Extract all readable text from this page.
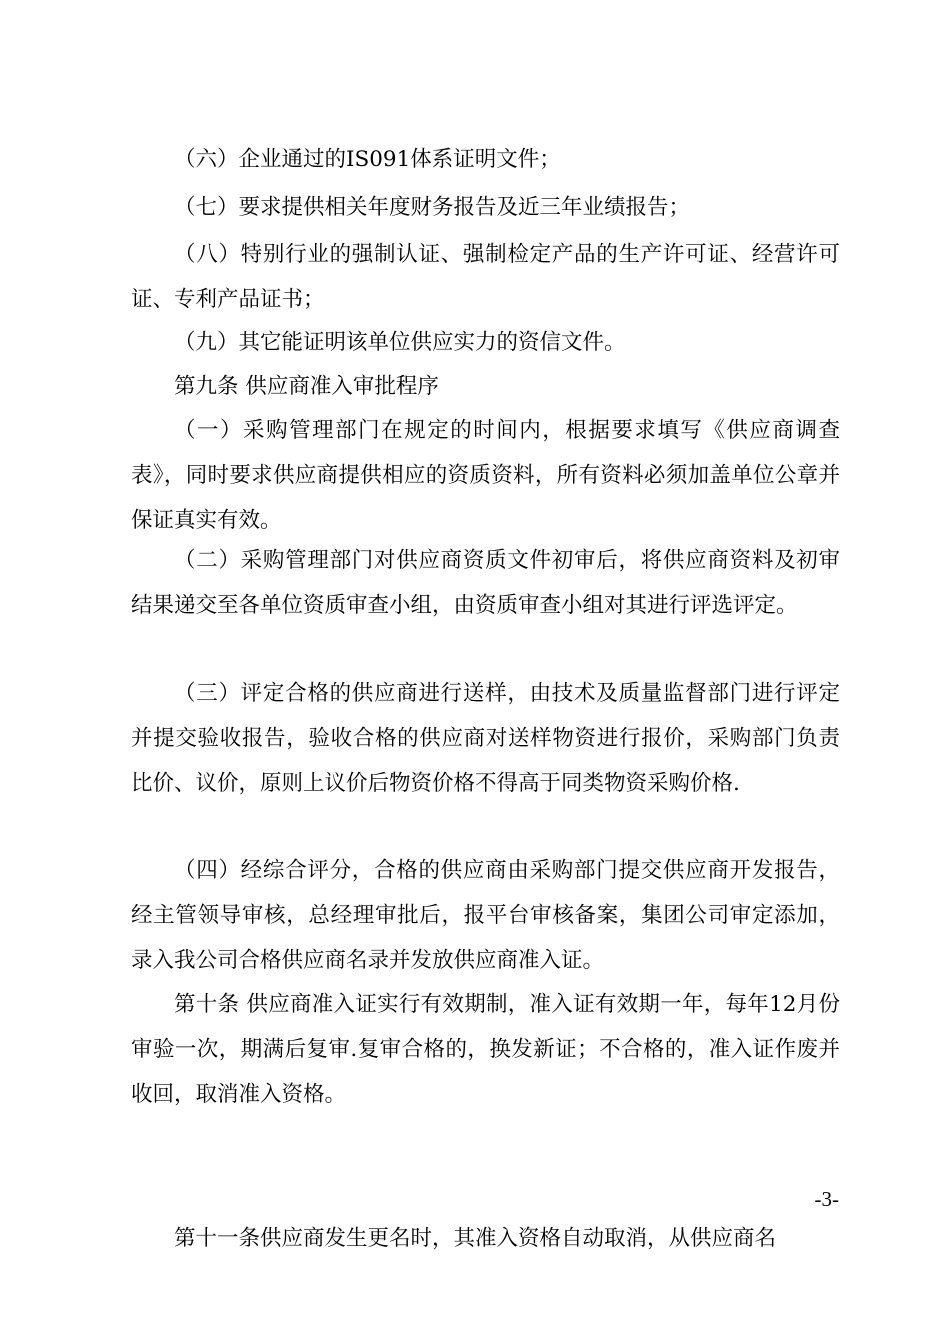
（六）企业通过的IS091体系证明文件；

（七）要求提供相关年度财务报告及近三年业绩报告；

（八）特别行业的强制认证、强制检定产品的生产许可证、经营许可证、专利产品证书；

（九）其它能证明该单位供应实力的资信文件。

第九条 供应商准入审批程序

（一）采购管理部门在规定的时间内，根据要求填写《供应商调查表》，同时要求供应商提供相应的资质资料，所有资料必须加盖单位公章并保证真实有效。

（二）采购管理部门对供应商资质文件初审后，将供应商资料及初审结果递交至各单位资质审查小组，由资质审查小组对其进行评选评定。

（三）评定合格的供应商进行送样，由技术及质量监督部门进行评定并提交验收报告，验收合格的供应商对送样物资进行报价，采购部门负责比价、议价，原则上议价后物资价格不得高于同类物资采购价格.

（四）经综合评分，合格的供应商由采购部门提交供应商开发报告，经主管领导审核，总经理审批后，报平台审核备案，集团公司审定添加，录入我公司合格供应商名录并发放供应商准入证。

第十条 供应商准入证实行有效期制，准入证有效期一年，每年12月份审验一次，期满后复审.复审合格的，换发新证；不合格的，准入证作废并收回，取消准入资格。

-3-

第十一条供应商发生更名时，其准入资格自动取消，从供应商名
